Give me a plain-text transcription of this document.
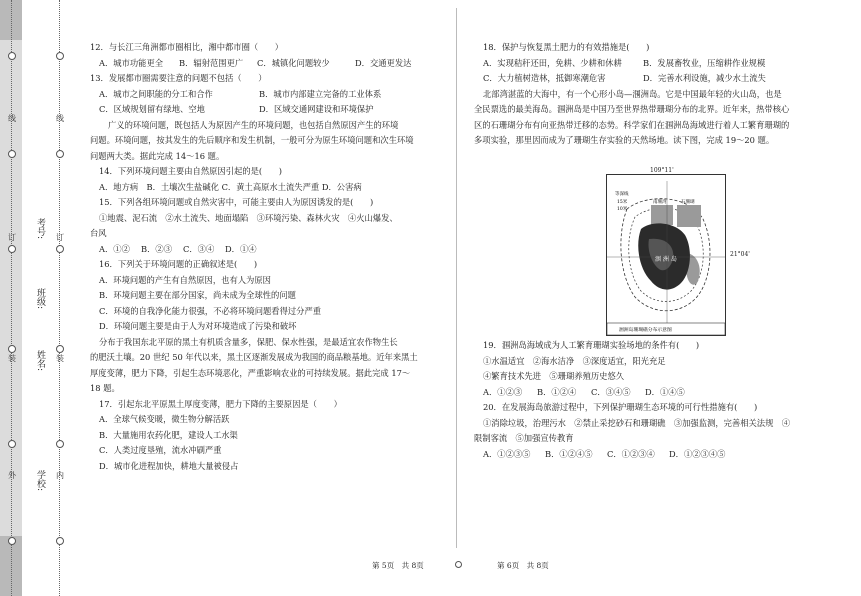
外
装
订
线
内
装
订
线
学校:
姓名:
班级:
考号:

12．与长江三角洲都市圈相比，湘中都市圈（　　）

A．城市功能更全	B．辐射范围更广	C．城镇化问题较少	D．交通更发达

13．发展都市圈需要注意的问题不包括（　　）

A．城市之间职能的分工和合作	B．城市内部建立完备的工业体系

C．区域规划留有绿地、空地	D．区域交通网建设和环境保护

广义的环境问题，既包括人为原因产生的环境问题，也包括自然原因产生的环境

问题。环境问题，按其发生的先后顺序和发生机制，一般可分为原生环境问题和次生环境

问题两大类。据此完成 14～16 题。

14．下列环境问题主要由自然原因引起的是(　　)

A．地方病　B．土壤次生盐碱化 C．黄土高原水土流失严重 D．公害病

15．下列各组环境问题或自然灾害中，可能主要由人为原因诱发的是(　　)

①地震、泥石流　②水土流失、地面塌陷　③环境污染、森林火灾　④火山爆发、

台风

A．①②	B．②③	C．③④	D．①④

16．下列关于环境问题的正确叙述是(　　)

A．环境问题的产生有自然原因，也有人为原因

B．环境问题主要在部分国家，尚未成为全球性的问题

C．环境的自我净化能力很强，不必将环境问题看得过分严重

D．环境问题主要是由于人为对环境造成了污染和破坏

分布于我国东北平原的黑土有机质含量多，保肥、保水性强，是最适宜农作物生长

的肥沃土壤。20 世纪 50 年代以来，黑土区逐渐发展成为我国的商品粮基地。近年来黑土

厚度变薄，肥力下降，引起生态环境恶化，严重影响农业的可持续发展。据此完成 17～

18 题。

17．引起东北平原黑土厚度变薄，肥力下降的主要原因是（　　）

A．全球气候变暖，微生物分解活跃

B．大量施用农药化肥，建设人工水渠

C．人类过度垦殖，流水冲刷严重

D．城市化进程加快，耕地大量被侵占

18．保护与恢复黑土肥力的有效措施是(　　)

A．实现秸秆还田，免耕、少耕和休耕	B．发展畜牧业，压缩耕作业规模

C．大力植树造林，抵御寒潮危害	D．完善水利设施，减少水土流失

北部湾湛蓝的大海中，有一个心形小岛—涠洲岛。它是中国最年轻的火山岛，也是

全民票选的最美海岛。涠洲岛是中国乃至世界热带珊瑚分布的北界。近年来，热带核心

区的石珊瑚分布有向亚热带迁移的态势。科学家们在涠洲岛海域进行着人工繁育珊瑚的

多项实验，那里因而成为了珊瑚生存实验的天然场地。读下图，完成 19～20 题。

等深线
15米
10米
南珊湾	石珊瑚
涠 洲 岛
涠洲岛珊瑚礁分布示意图
109°11'
21°04'

19．涠洲岛海域成为人工繁育珊瑚实验场地的条件有(　　)

①水温适宜　②海水洁净　③深度适宜，阳光充足

④繁育技术先进　⑤珊瑚养殖历史悠久

A．①②③	B．①②④	C．③④⑤	D．①④⑤

20．在发展海岛旅游过程中，下列保护珊瑚生态环境的可行性措施有(　　)

①消除垃圾，治理污水　②禁止采挖砂石和珊瑚礁　③加强监测，完善相关法规　④

限制客流　⑤加强宣传教育

A．①②③⑤	B．①②④⑤	C．①②③④	D．①②③④⑤

第 5页　共 8页	第 6页　共 8页
